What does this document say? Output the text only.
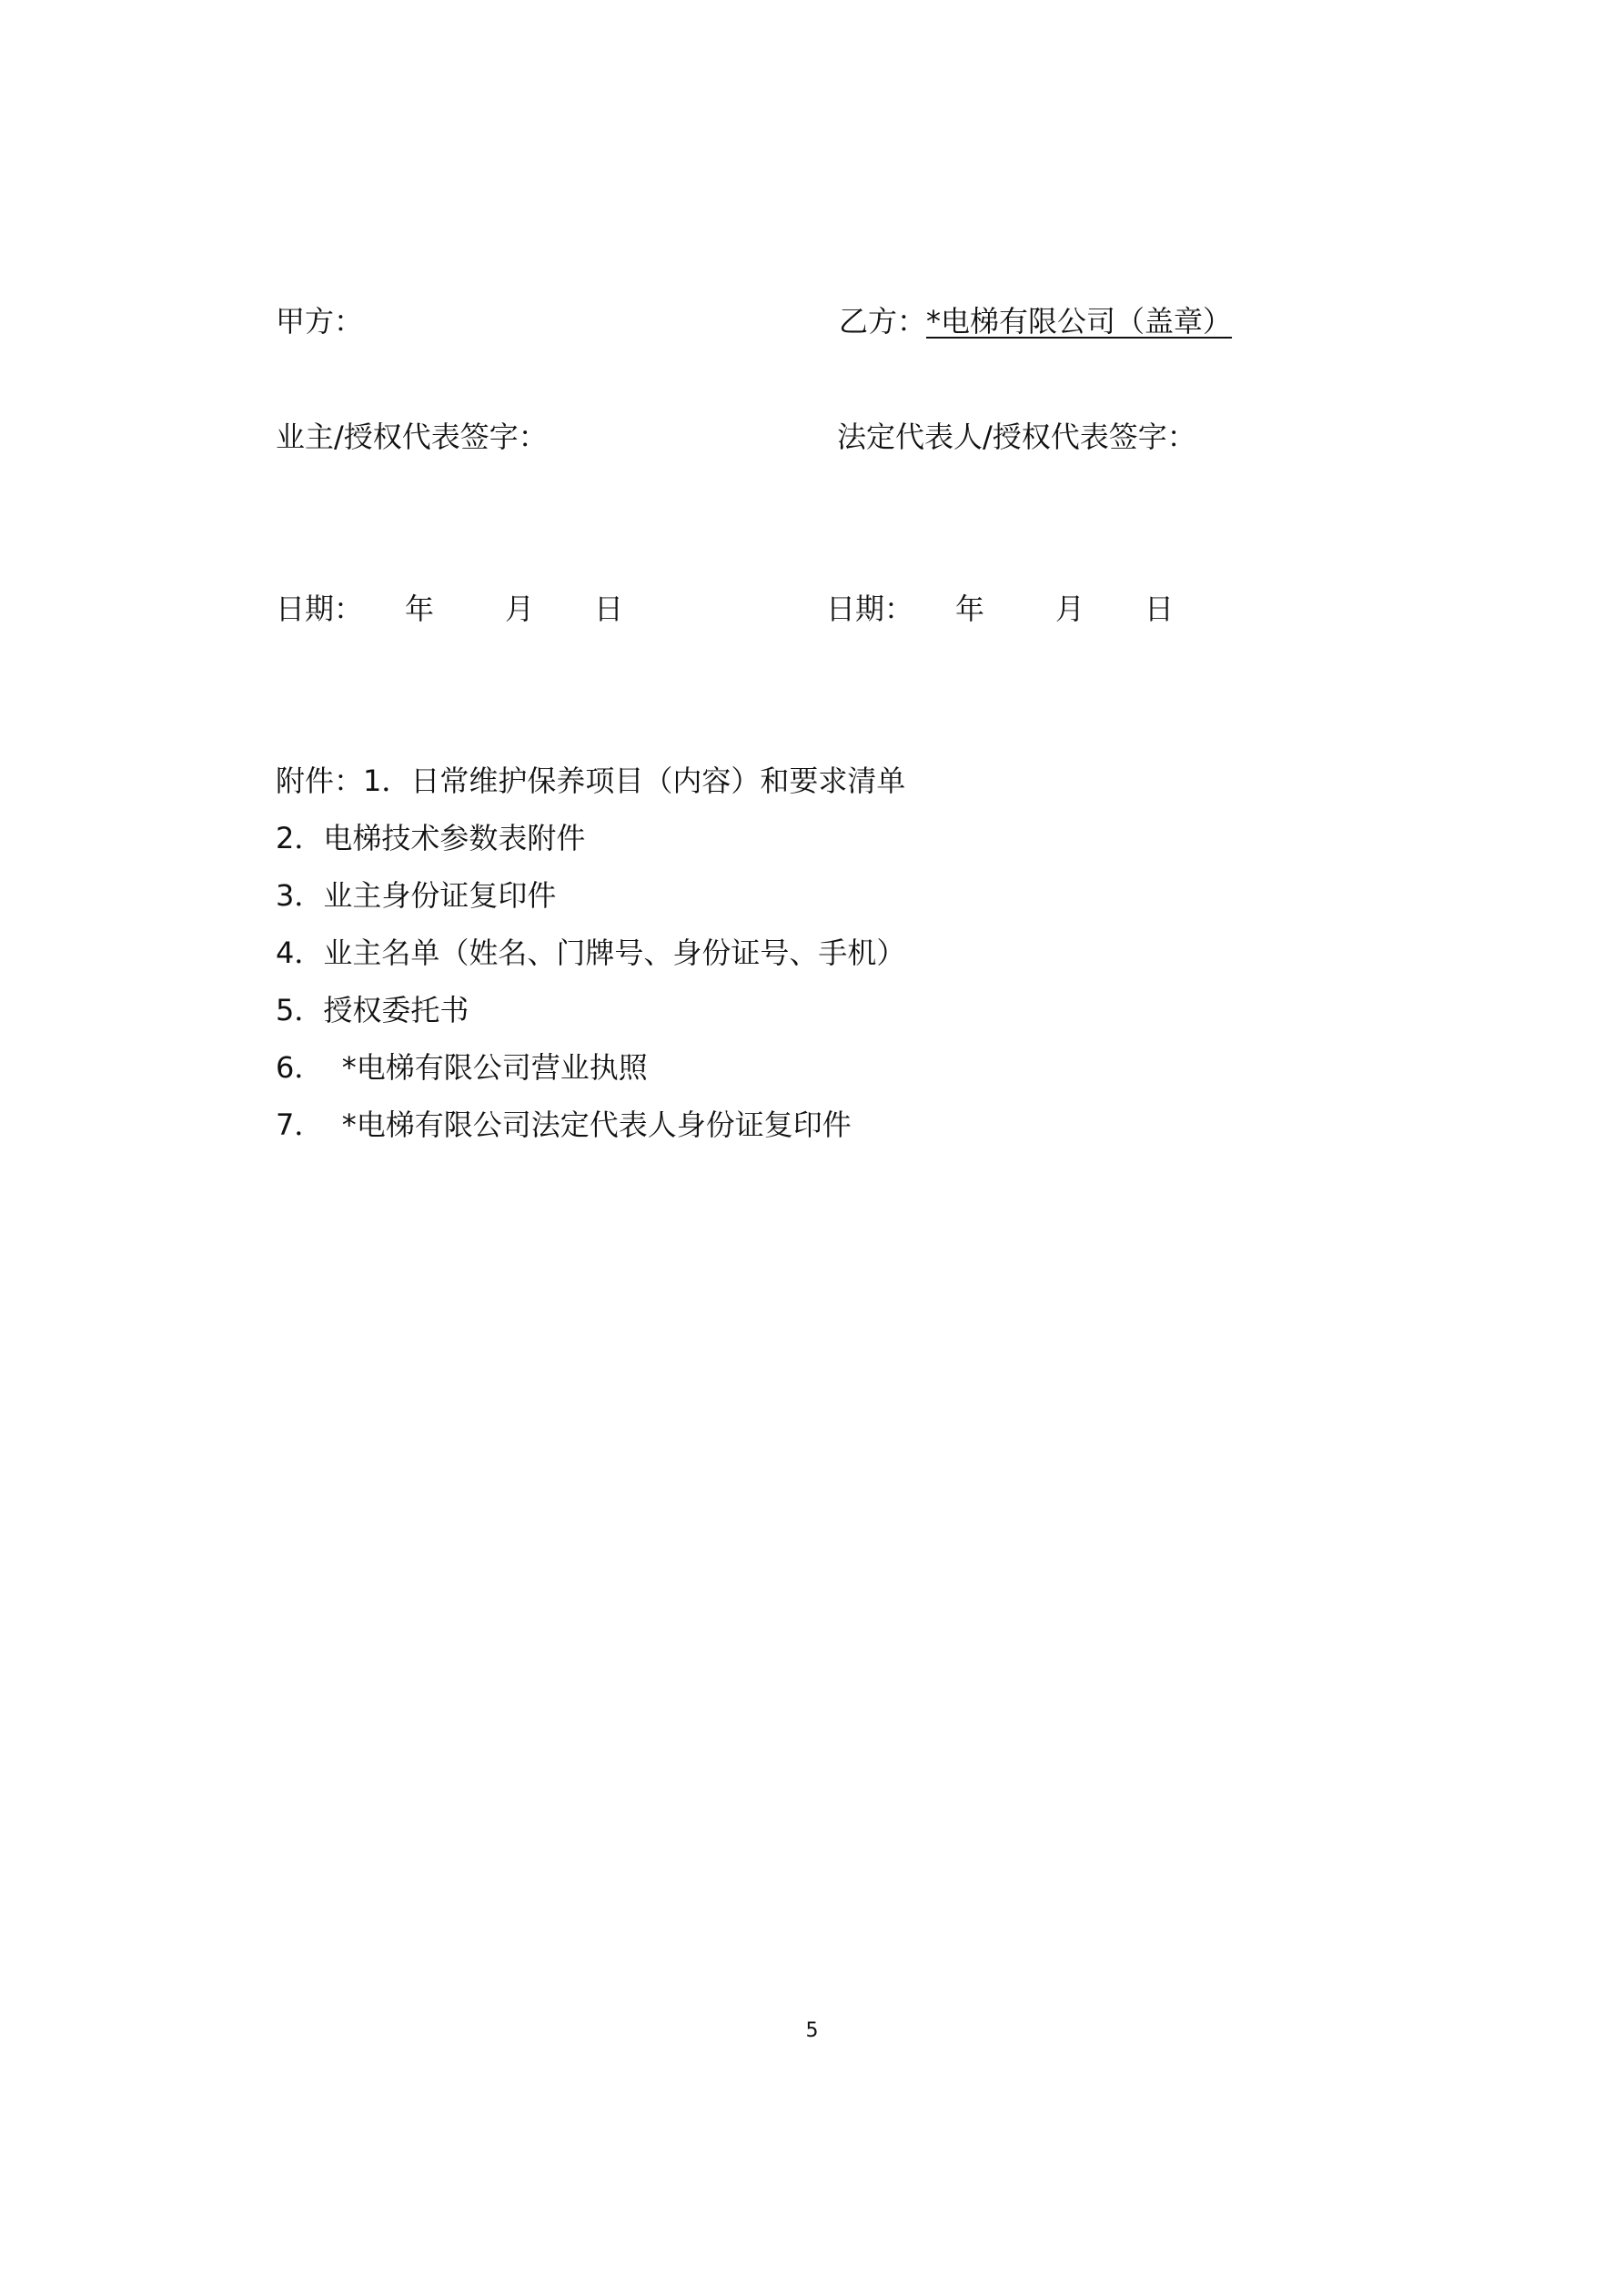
甲方：	乙方：*电梯有限公司（盖章）
业主/授权代表签字：	法定代表人/授权代表签字：
日期： 年 月 日	日期： 年 月 日
附件：1．日常维护保养项目（内容）和要求清单
2．电梯技术参数表附件
3．业主身份证复印件
4．业主名单（姓名、门牌号、身份证号、手机）
5．授权委托书
6．  *电梯有限公司营业执照
7．  *电梯有限公司法定代表人身份证复印件
5
